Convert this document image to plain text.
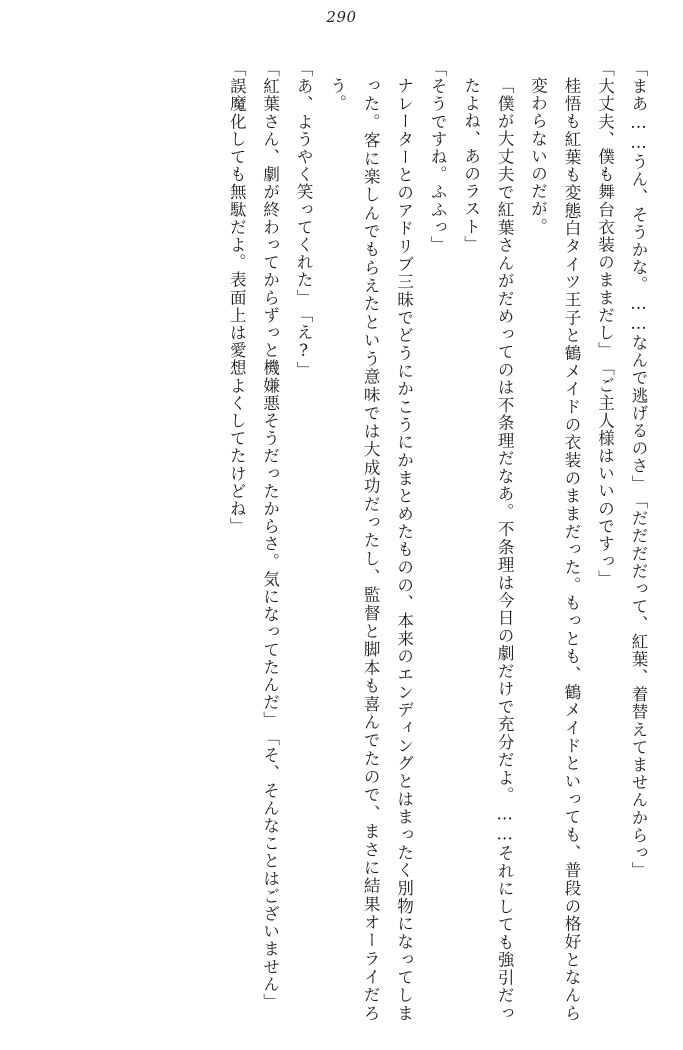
290
「まあ……うん、そうかな。……なんで逃げるのさ」
「だだだだって、紅葉、着替えてませんからっ」
「大丈夫、僕も舞台衣装のままだし」
「ご主人様はいいのですっ」
桂悟も紅葉も変態白タイツ王子と鶴メイドの衣装のままだった。もっとも、鶴メイドといっても、普段の格好となんら変わらないのだが。
「僕が大丈夫で紅葉さんがだめってのは不条理だなあ。不条理は今日の劇だけで充分だよ。……それにしても強引だったよね、あのラスト」
「そうですね。ふふっ」
ナレーターとのアドリブ三昧でどうにかこうにかまとめたものの、本来のエンディングとはまったく別物になってしまった。客に楽しんでもらえたという意味では大成功だったし、監督と脚本も喜んでたので、まさに結果オーライだろう。
「あ、ようやく笑ってくれた」
「え?」
「紅葉さん、劇が終わってからずっと機嫌悪そうだったからさ。気になってたんだ」
「そ、そんなことはございません」
「誤魔化しても無駄だよ。表面上は愛想よくしてたけどね」
